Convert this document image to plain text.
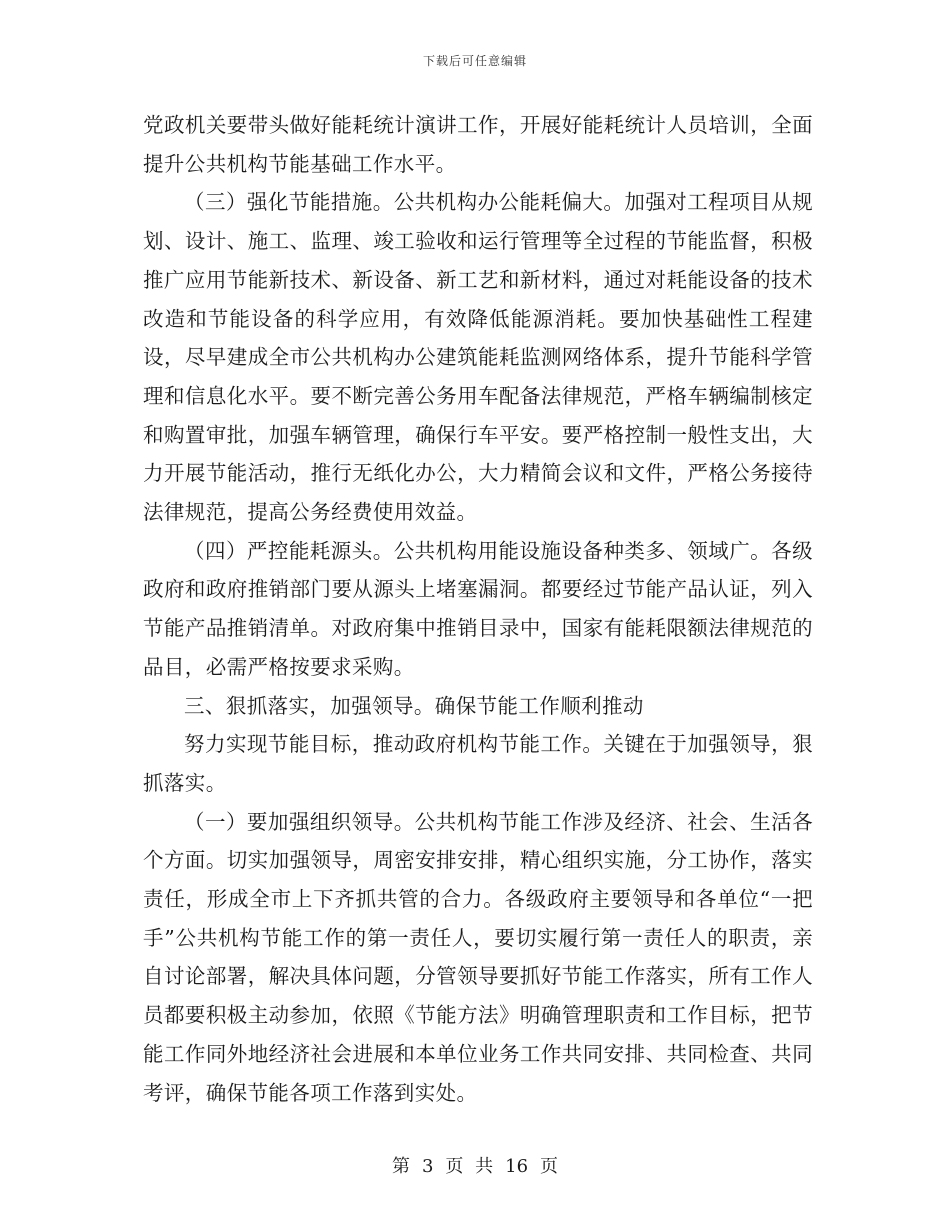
下载后可任意编辑

党政机关要带头做好能耗统计演讲工作，开展好能耗统计人员培训，全面提升公共机构节能基础工作水平。

（三）强化节能措施。公共机构办公能耗偏大。加强对工程项目从规划、设计、施工、监理、竣工验收和运行管理等全过程的节能监督，积极推广应用节能新技术、新设备、新工艺和新材料，通过对耗能设备的技术改造和节能设备的科学应用，有效降低能源消耗。要加快基础性工程建设，尽早建成全市公共机构办公建筑能耗监测网络体系，提升节能科学管理和信息化水平。要不断完善公务用车配备法律规范，严格车辆编制核定和购置审批，加强车辆管理，确保行车平安。要严格控制一般性支出，大力开展节能活动，推行无纸化办公，大力精简会议和文件，严格公务接待法律规范，提高公务经费使用效益。

（四）严控能耗源头。公共机构用能设施设备种类多、领域广。各级政府和政府推销部门要从源头上堵塞漏洞。都要经过节能产品认证，列入节能产品推销清单。对政府集中推销目录中，国家有能耗限额法律规范的品目，必需严格按要求采购。

三、狠抓落实，加强领导。确保节能工作顺利推动

努力实现节能目标，推动政府机构节能工作。关键在于加强领导，狠抓落实。

（一）要加强组织领导。公共机构节能工作涉及经济、社会、生活各个方面。切实加强领导，周密安排安排，精心组织实施，分工协作，落实责任，形成全市上下齐抓共管的合力。各级政府主要领导和各单位“一把手”公共机构节能工作的第一责任人，要切实履行第一责任人的职责，亲自讨论部署，解决具体问题，分管领导要抓好节能工作落实，所有工作人员都要积极主动参加，依照《节能方法》明确管理职责和工作目标，把节能工作同外地经济社会进展和本单位业务工作共同安排、共同检查、共同考评，确保节能各项工作落到实处。

第 3 页 共 16 页
